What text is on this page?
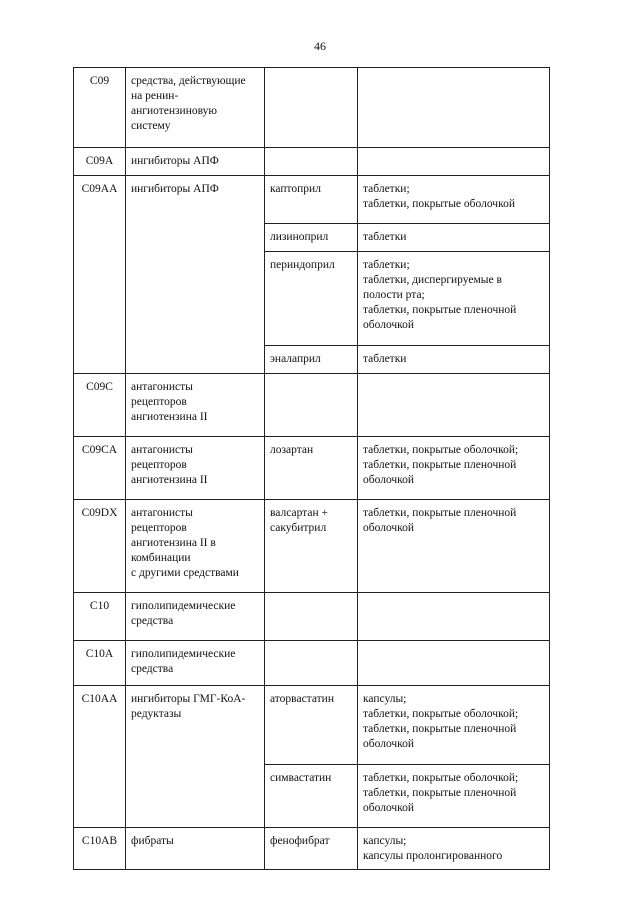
46
C09	средства, действующие
на ренин-
ангиотензиновую
систему		

C09A	ингибиторы АПФ		

C09AA	ингибиторы АПФ	каптоприл	таблетки;
таблетки, покрытые оболочкой

		лизиноприл	таблетки

		периндоприл	таблетки;
таблетки, диспергируемые в
полости рта;
таблетки, покрытые пленочной
оболочкой

		эналаприл	таблетки

C09C	антагонисты
рецепторов
ангиотензина II		

C09CA	антагонисты
рецепторов
ангиотензина II	лозартан	таблетки, покрытые оболочкой;
таблетки, покрытые пленочной
оболочкой

C09DX	антагонисты
рецепторов
ангиотензина II в
комбинации
с другими средствами	валсартан +
сакубитрил	таблетки, покрытые пленочной
оболочкой

C10	гиполипидемические
средства		

C10A	гиполипидемические
средства		

C10AA	ингибиторы ГМГ-КоА-
редуктазы	аторвастатин	капсулы;
таблетки, покрытые оболочкой;
таблетки, покрытые пленочной
оболочкой

		симвастатин	таблетки, покрытые оболочкой;
таблетки, покрытые пленочной
оболочкой

C10AB	фибраты	фенофибрат	капсулы;
капсулы пролонгированного
